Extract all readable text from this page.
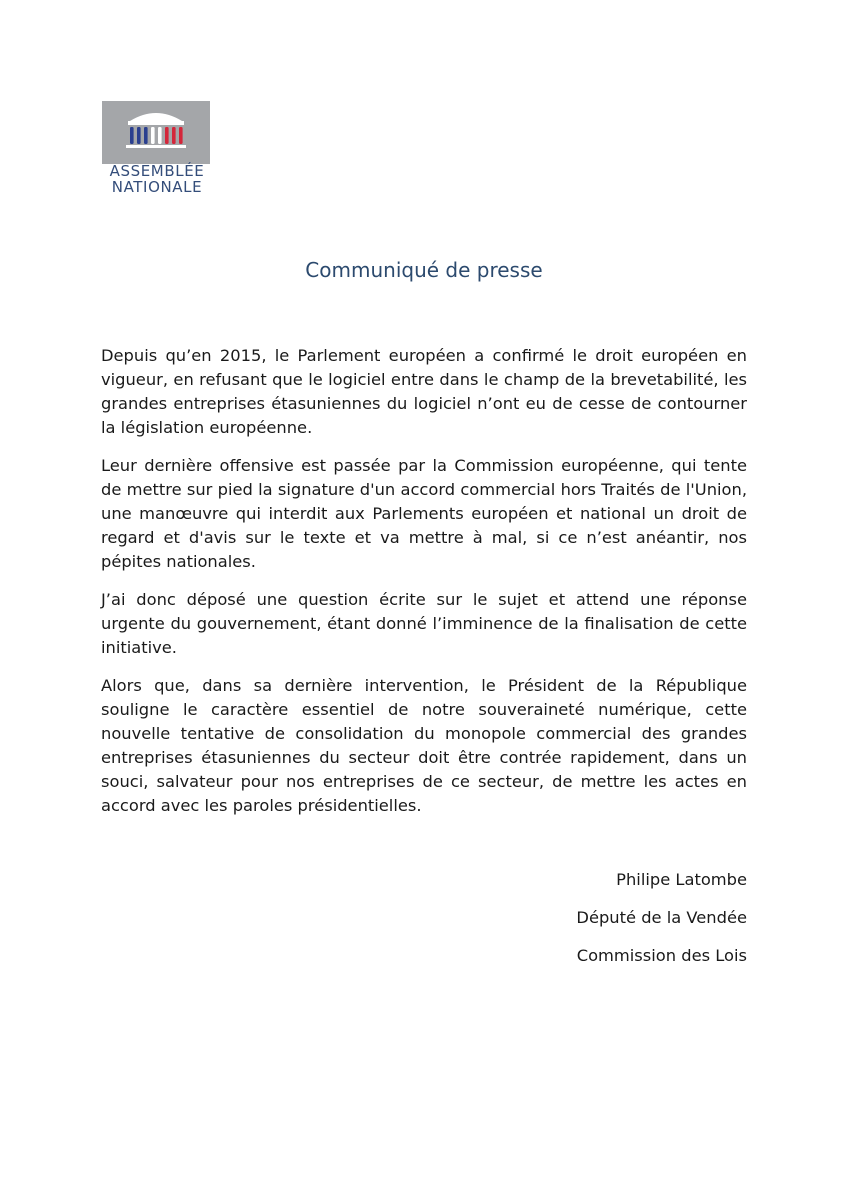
ASSEMBLÉE
NATIONALE
Communiqué de presse

Depuis qu’en 2015, le Parlement européen a confirmé le droit européen en vigueur, en refusant que le logiciel entre dans le champ de la brevetabilité, les grandes entreprises étasuniennes du logiciel n’ont eu de cesse de contourner la législation européenne.

Leur dernière offensive est passée par la Commission européenne, qui tente de mettre sur pied la signature d'un accord commercial hors Traités de l'Union, une manœuvre qui interdit aux Parlements européen et national un droit de regard et d'avis sur le texte et va mettre à mal, si ce n’est anéantir, nos pépites nationales.

J’ai donc déposé une question écrite sur le sujet et attend une réponse urgente du gouvernement, étant donné l’imminence de la finalisation de cette initiative.

Alors que, dans sa dernière intervention, le Président de la République souligne le caractère essentiel de notre souveraineté numérique, cette nouvelle tentative de consolidation du monopole commercial des grandes entreprises étasuniennes du secteur doit être contrée rapidement, dans un souci, salvateur pour nos entreprises de ce secteur, de mettre les actes en accord avec les paroles présidentielles.

Philipe Latombe
Député de la Vendée
Commission des Lois
